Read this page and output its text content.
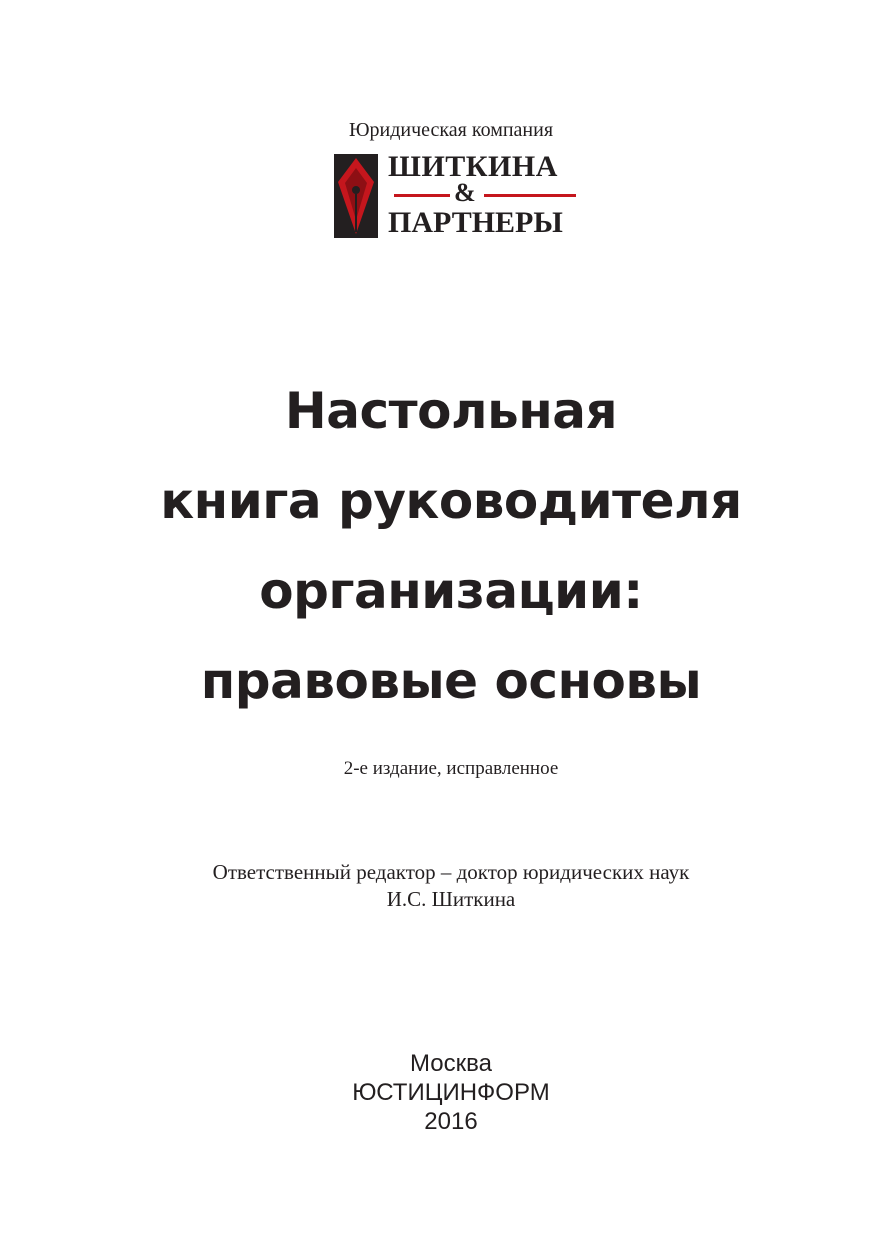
Юридическая компания
ШИТКИНА
&
ПАРТНЕРЫ
Настольная
книга руководителя
организации:
правовые основы
2-е издание, исправленное
Ответственный редактор – доктор юридических наук
И.С. Шиткина
Москва
ЮСТИЦИНФОРМ
2016
